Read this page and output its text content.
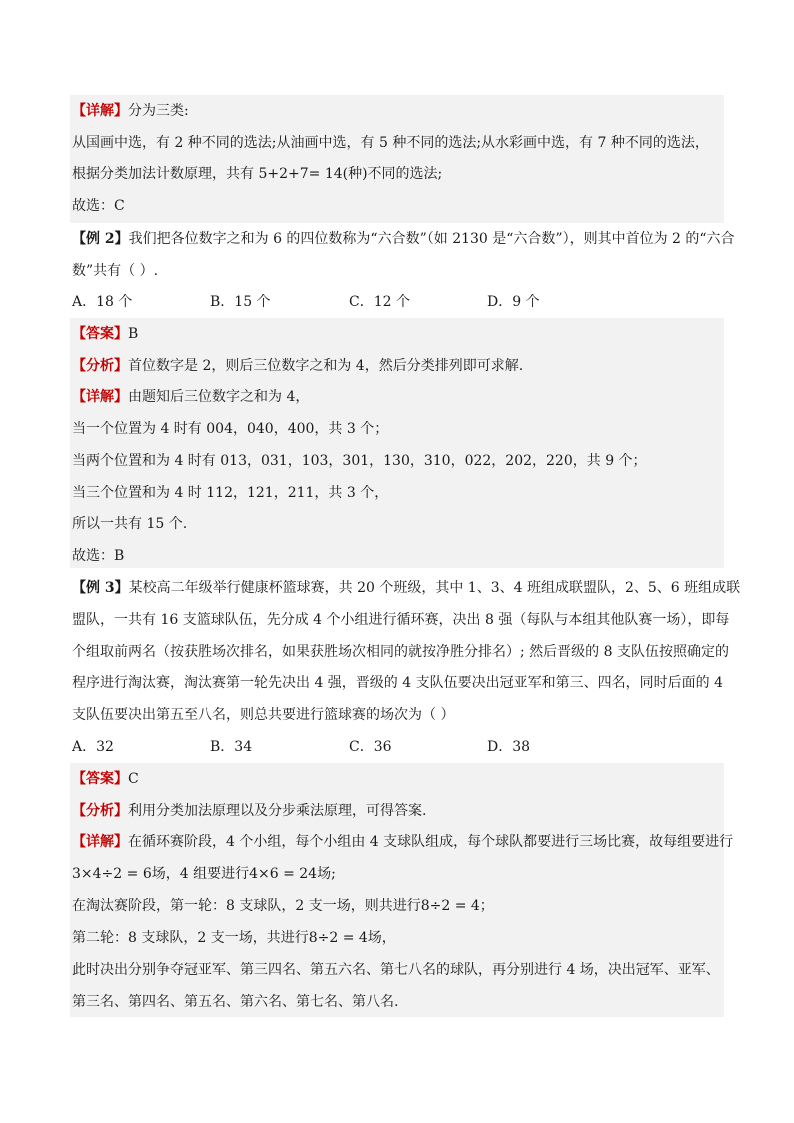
【详解】分为三类:
从国画中选，有 2 种不同的选法;从油画中选，有 5 种不同的选法;从水彩画中选，有 7 种不同的选法，
根据分类加法计数原理，共有 5+2+7= 14(种)不同的选法;
故选：C
【例 2】我们把各位数字之和为 6 的四位数称为“六合数”（如 2130 是“六合数”），则其中首位为 2 的“六合
数”共有（ ）.
A．18 个	B．15 个	C．12 个	D．9 个
【答案】B
【分析】首位数字是 2，则后三位数字之和为 4，然后分类排列即可求解.
【详解】由题知后三位数字之和为 4，
当一个位置为 4 时有 004，040，400，共 3 个；
当两个位置和为 4 时有 013，031，103，301，130，310，022，202，220，共 9 个；
当三个位置和为 4 时 112，121，211，共 3 个，
所以一共有 15 个.
故选：B
【例 3】某校高二年级举行健康杯篮球赛，共 20 个班级，其中 1、3、4 班组成联盟队，2、5、6 班组成联
盟队，一共有 16 支篮球队伍，先分成 4 个小组进行循环赛，决出 8 强（每队与本组其他队赛一场），即每
个组取前两名（按获胜场次排名，如果获胜场次相同的就按净胜分排名）; 然后晋级的 8 支队伍按照确定的
程序进行淘汰赛，淘汰赛第一轮先决出 4 强，晋级的 4 支队伍要决出冠亚军和第三、四名，同时后面的 4
支队伍要决出第五至八名，则总共要进行篮球赛的场次为（ ）
A．32	B．34	C．36	D．38
【答案】C
【分析】利用分类加法原理以及分步乘法原理，可得答案.
【详解】在循环赛阶段，4 个小组，每个小组由 4 支球队组成，每个球队都要进行三场比赛，故每组要进行
3×4÷2 = 6场，4 组要进行4×6 = 24场;
在淘汰赛阶段，第一轮：8 支球队，2 支一场，则共进行8÷2 = 4；
第二轮：8 支球队，2 支一场，共进行8÷2 = 4场，
此时决出分别争夺冠亚军、第三四名、第五六名、第七八名的球队，再分别进行 4 场，决出冠军、亚军、
第三名、第四名、第五名、第六名、第七名、第八名.
